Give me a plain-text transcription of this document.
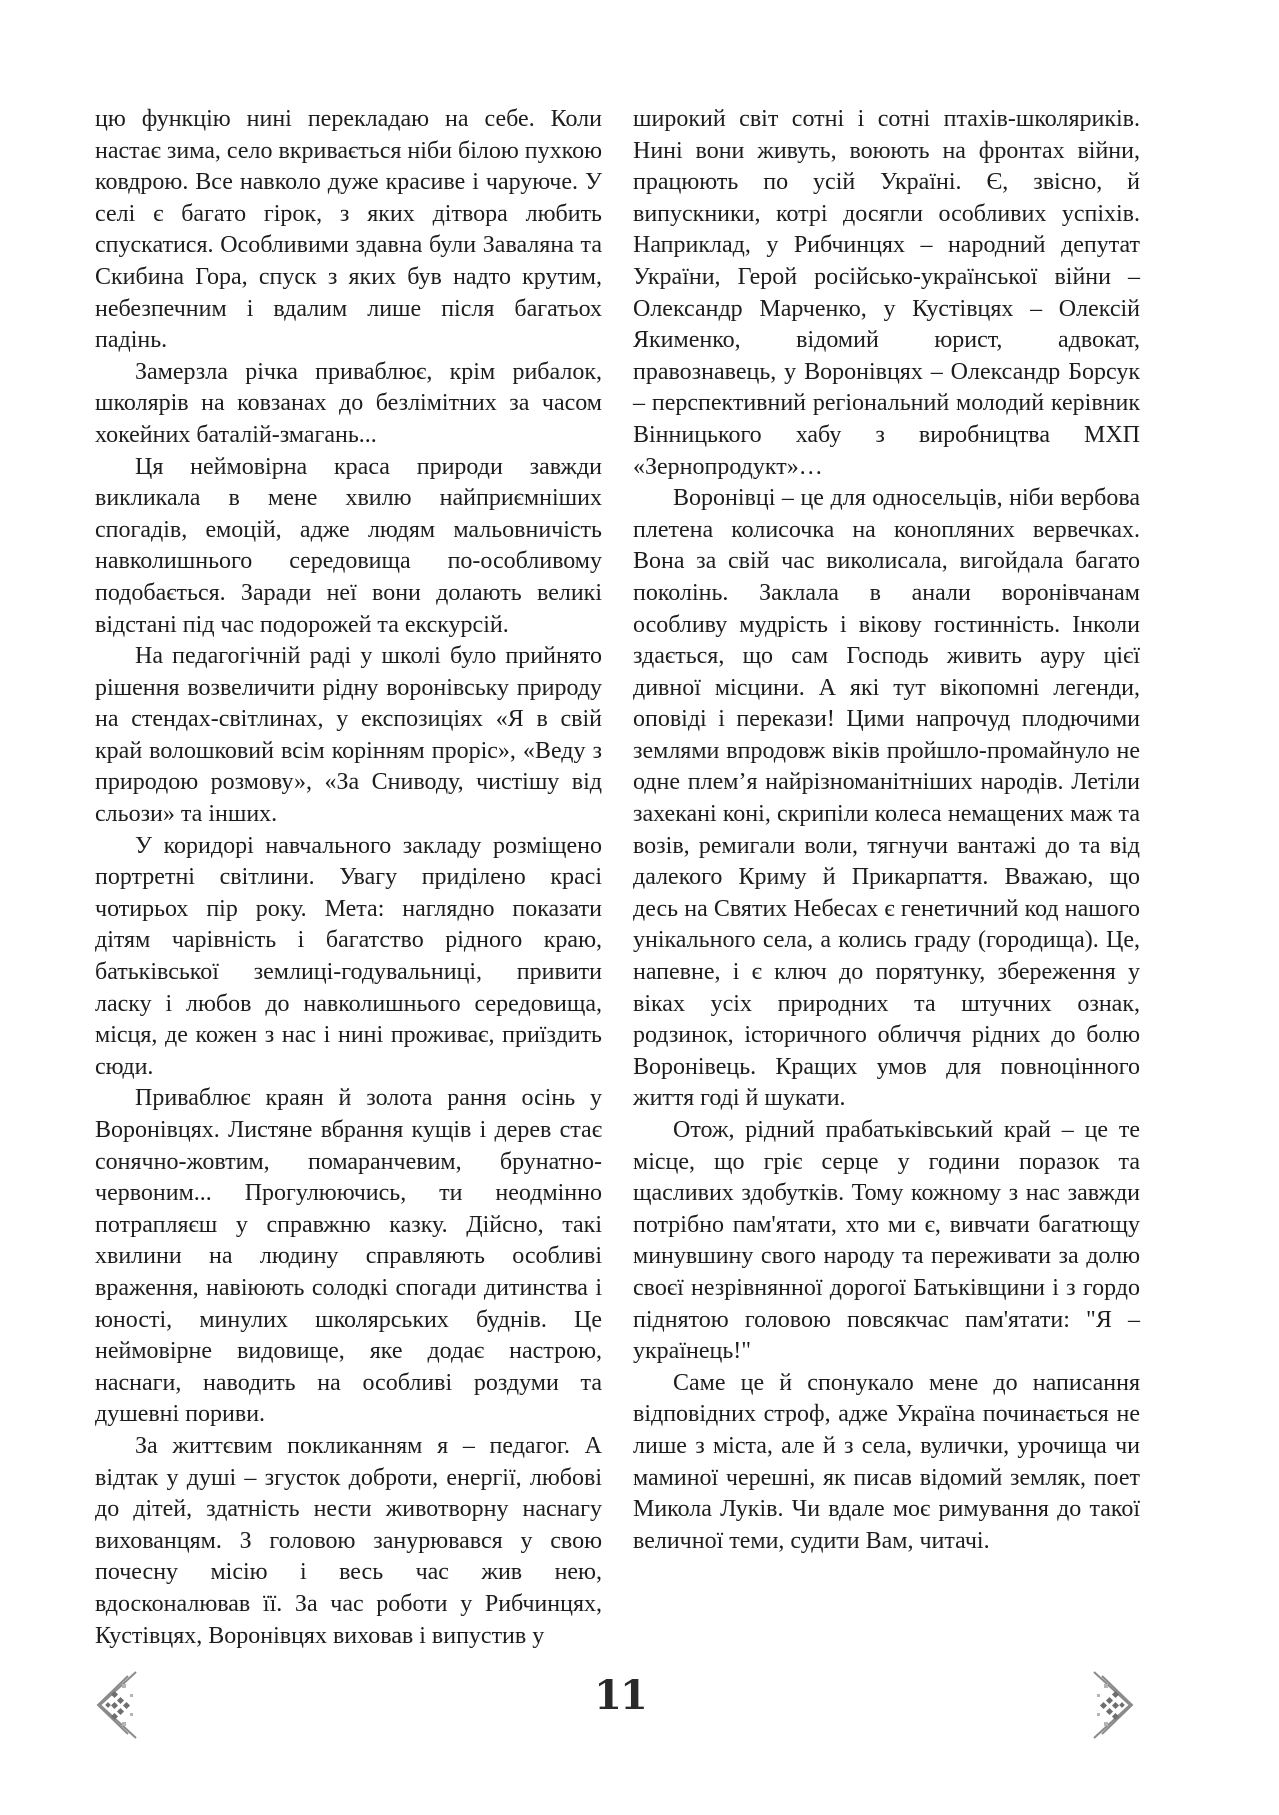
цю функцію нині перекладаю на себе. Коли настає зима, село вкривається ніби білою пухкою ковдрою. Все навколо дуже красиве і чаруюче. У селі є багато гірок, з яких дітвора любить спускатися. Особливими здавна були Заваляна та Скибина Гора, спуск з яких був надто крутим, небезпечним і вдалим лише після багатьох падінь.

Замерзла річка приваблює, крім рибалок, школярів на ковзанах до безлімітних за часом хокейних баталій-змагань...

Ця неймовірна краса природи завжди викликала в мене хвилю найприємніших спогадів, емоцій, адже людям мальовничість навколишнього середовища по-особливому подобається. Заради неї вони долають великі відстані під час подорожей та екскурсій.

На педагогічній раді у школі було прийнято рішення возвеличити рідну воронівську природу на стендах-світлинах, у експозиціях «Я в свій край волошковий всім корінням проріс», «Веду з природою розмову», «За Сниводу, чистішу від сльози» та інших.

У коридорі навчального закладу розміщено портретні світлини. Увагу приділено красі чотирьох пір року. Мета: наглядно показати дітям чарівність і багатство рідного краю, батьківської землиці-годувальниці, привити ласку і любов до навколишнього середовища, місця, де кожен з нас і нині проживає, приїздить сюди.

Приваблює краян й золота рання осінь у Воронівцях. Листяне вбрання кущів і дерев стає сонячно-жовтим, помаранчевим, брунатно-червоним... Прогулюючись, ти неодмінно потрапляєш у справжню казку. Дійсно, такі хвилини на людину справляють особливі враження, навіюють солодкі спогади дитинства і юності, минулих школярських буднів. Це неймовірне видовище, яке додає настрою, наснаги, наводить на особливі роздуми та душевні пориви.

За життєвим покликанням я – педагог. А відтак у душі – згусток доброти, енергії, любові до дітей, здатність нести животворну наснагу вихованцям. З головою занурювався у свою почесну місію і весь час жив нею, вдосконалював її. За час роботи у Рибчинцях, Кустівцях, Воронівцях виховав і випустив у

широкий світ сотні і сотні птахів-школяриків. Нині вони живуть, воюють на фронтах війни, працюють по усій Україні. Є, звісно, й випускники, котрі досягли особливих успіхів. Наприклад, у Рибчинцях – народний депутат України, Герой російсько-української війни – Олександр Марченко, у Кустівцях – Олексій Якименко, відомий юрист, адвокат, правознавець, у Воронівцях – Олександр Борсук – перспективний регіональний молодий керівник Вінницького хабу з виробництва МХП «Зернопродукт»…

Воронівці – це для односельців, ніби вербова плетена колисочка на конопляних вервечках. Вона за свій час виколисала, вигойдала багато поколінь. Заклала в анали воронівчанам особливу мудрість і вікову гостинність. Інколи здається, що сам Господь живить ауру цієї дивної місцини. А які тут вікопомні легенди, оповіді і перекази! Цими напрочуд плодючими землями впродовж віків пройшло-промайнуло не одне плем’я найрізноманітніших народів. Летіли захекані коні, скрипіли колеса немащених маж та возів, ремигали воли, тягнучи вантажі до та від далекого Криму й Прикарпаття. Вважаю, що десь на Святих Небесах є генетичний код нашого унікального села, а колись граду (городища). Це, напевне, і є ключ до порятунку, збереження у віках усіх природних та штучних ознак, родзинок, історичного обличчя рідних до болю Воронівець. Кращих умов для повноцінного життя годі й шукати.

Отож, рідний прабатьківський край – це те місце, що гріє серце у години поразок та щасливих здобутків. Тому кожному з нас завжди потрібно пам'ятати, хто ми є, вивчати багатющу минувшину свого народу та переживати за долю своєї незрівнянної дорогої Батьківщини і з гордо піднятою головою повсякчас пам'ятати: "Я – українець!"

Саме це й спонукало мене до написання відповідних строф, адже Україна починається не лише з міста, але й з села, вулички, урочища чи маминої черешні, як писав відомий земляк, поет Микола Луків. Чи вдале моє римування до такої величної теми, судити Вам, читачі.

11
